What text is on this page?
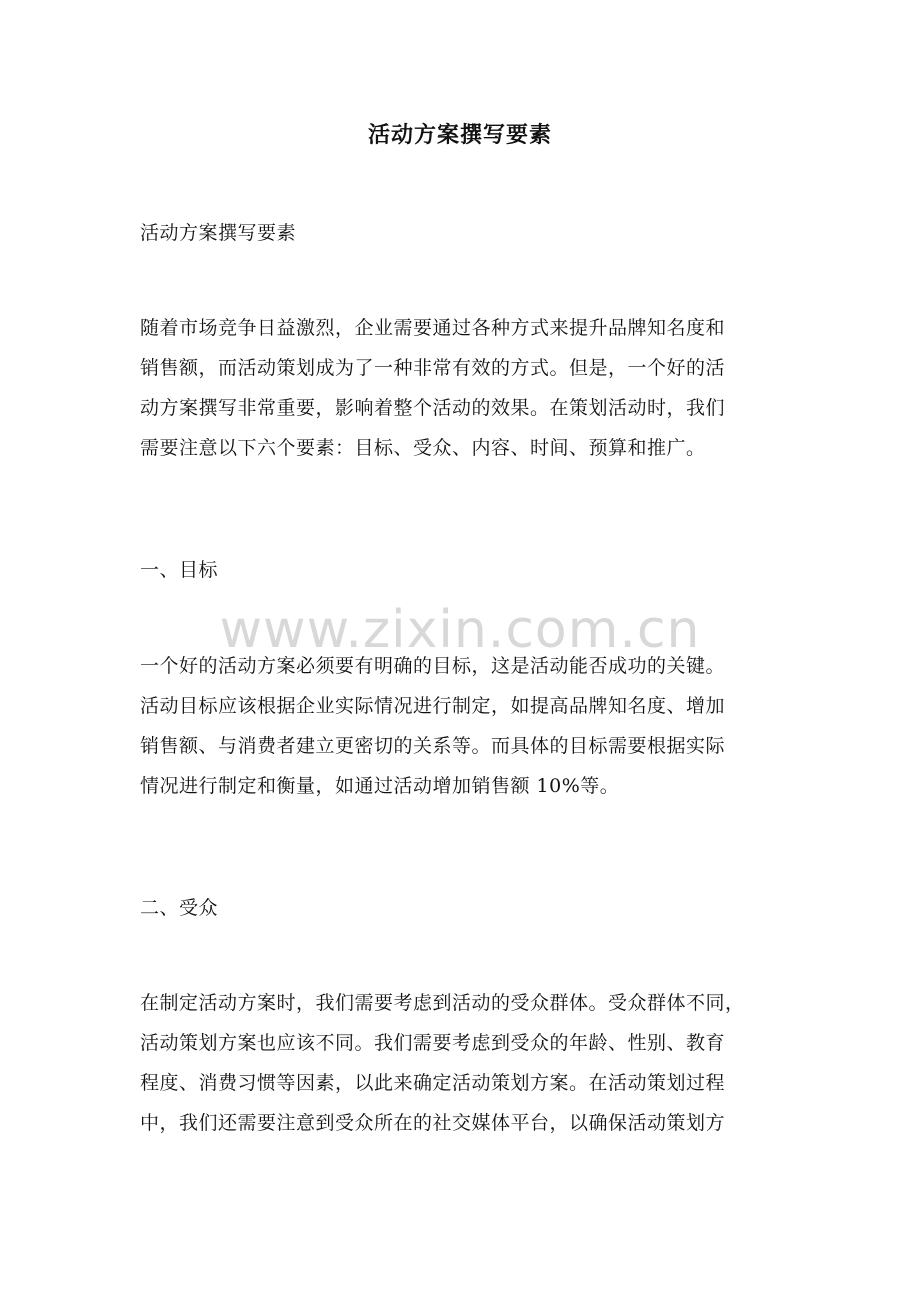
活动方案撰写要素

活动方案撰写要素

随着市场竞争日益激烈，企业需要通过各种方式来提升品牌知名度和

销售额，而活动策划成为了一种非常有效的方式。但是，一个好的活

动方案撰写非常重要，影响着整个活动的效果。在策划活动时，我们

需要注意以下六个要素：目标、受众、内容、时间、预算和推广。

一、目标

一个好的活动方案必须要有明确的目标，这是活动能否成功的关键。

活动目标应该根据企业实际情况进行制定，如提高品牌知名度、增加

销售额、与消费者建立更密切的关系等。而具体的目标需要根据实际

情况进行制定和衡量，如通过活动增加销售额 10%等。

二、受众

在制定活动方案时，我们需要考虑到活动的受众群体。受众群体不同，

活动策划方案也应该不同。我们需要考虑到受众的年龄、性别、教育

程度、消费习惯等因素，以此来确定活动策划方案。在活动策划过程

中，我们还需要注意到受众所在的社交媒体平台，以确保活动策划方

www.zixin.com.cn
